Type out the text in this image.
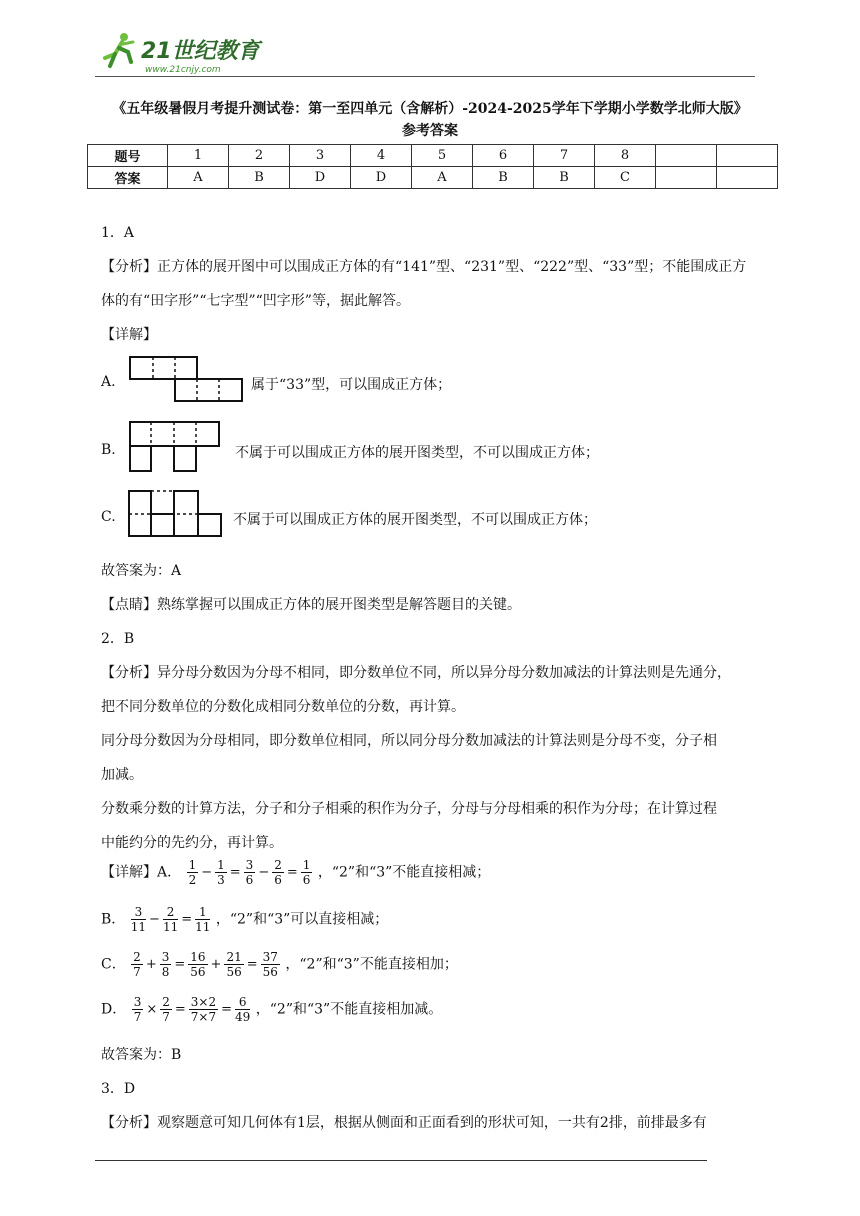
21世纪教育
www.21cnjy.com
《五年级暑假月考提升测试卷：第一至四单元（含解析）-2024-2025学年下学期小学数学北师大版》
参考答案
题号	1	2	3	4	5	6	7	8		
答案	A	B	D	D	A	B	B	C		
1．A
【分析】正方体的展开图中可以围成正方体的有“141”型、“231”型、“222”型、“33”型；不能围成正方
体的有“田字形”“七字型”“凹字形”等，据此解答。
【详解】
A.	属于“33”型，可以围成正方体；
B.	不属于可以围成正方体的展开图类型，不可以围成正方体；
C.	不属于可以围成正方体的展开图类型，不可以围成正方体；
故答案为：A
【点睛】熟练掌握可以围成正方体的展开图类型是解答题目的关键。
2．B
【分析】异分母分数因为分母不相同，即分数单位不同，所以异分母分数加减法的计算法则是先通分，
把不同分数单位的分数化成相同分数单位的分数，再计算。
同分母分数因为分母相同，即分数单位相同，所以同分母分数加减法的计算法则是分母不变，分子相
加减。
分数乘分数的计算方法，分子和分子相乘的积作为分子，分母与分母相乘的积作为分母；在计算过程
中能约分的先约分，再计算。
【详解】A． $\frac{1}{2} - \frac{1}{3} = \frac{3}{6} - \frac{2}{6} = \frac{1}{6}$ ，“2”和“3”不能直接相减；
B． $\frac{3}{11} - \frac{2}{11} = \frac{1}{11}$ ，“2”和“3”可以直接相减；
C． $\frac{2}{7} + \frac{3}{8} = \frac{16}{56} + \frac{21}{56} = \frac{37}{56}$ ，“2”和“3”不能直接相加；
D． $\frac{3}{7} \times \frac{2}{7} = \frac{3\times 2}{7\times 7} = \frac{6}{49}$ ，“2”和“3”不能直接相加减。
故答案为：B
3．D
【分析】观察题意可知几何体有1层，根据从侧面和正面看到的形状可知，一共有2排，前排最多有
